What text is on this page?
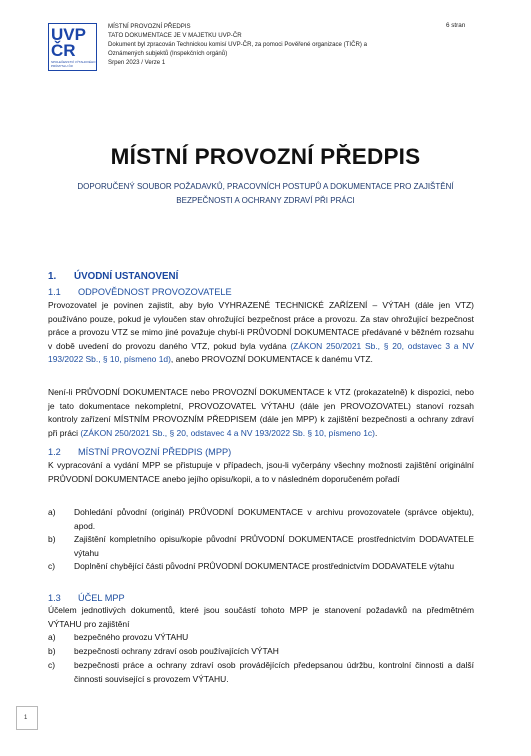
UVP
ČR
SPOLEČENSTVÍ VÝTAHOVÉHO
PRŮMYSLU ČR
MÍSTNÍ PROVOZNÍ PŘEDPIS
TATO DOKUMENTACE JE V MAJETKU UVP-ČR
Dokument byl zpracován Technickou komisí UVP-ČR, za pomoci Pověřené organizace (TIČR) a
Oznámených subjektů (Inspekčních orgánů)
Srpen 2023 / Verze 1
6 stran
MÍSTNÍ PROVOZNÍ PŘEDPIS
DOPORUČENÝ SOUBOR POŽADAVKŮ, PRACOVNÍCH POSTUPŮ A DOKUMENTACE PRO ZAJIŠTĚNÍ
BEZPEČNOSTI A OCHRANY ZDRAVÍ PŘI PRÁCI
1. ÚVODNÍ USTANOVENÍ
1.1 ODPOVĚDNOST PROVOZOVATELE
Provozovatel je povinen zajistit, aby było VYHRAZENÉ TECHNICKÉ ZAŘÍZENÍ – VÝTAH (dále jen VTZ) používáno pouze, pokud je vyloučen stav ohrožující bezpečnost práce a provozu. Za stav ohrožující bezpečnost práce a provozu VTZ se mimo jiné považuje chybí-li PRŮVODNÍ DOKUMENTACE předávané v běžném rozsahu v době uvedení do provozu daného VTZ, pokud byla vydána (ZÁKON 250/2021 Sb., § 20, odstavec 3 a NV 193/2022 Sb., § 10, písmeno 1d), anebo PROVOZNÍ DOKUMENTACE k danému VTZ.
Není-li PRŮVODNÍ DOKUMENTACE nebo PROVOZNÍ DOKUMENTACE k VTZ (prokazatelně) k dispozici, nebo je tato dokumentace nekompletní, PROVOZOVATEL VÝTAHU (dále jen PROVOZOVATEL) stanoví rozsah kontroly zařízení MÍSTNÍM PROVOZNÍM PŘEDPISEM (dále jen MPP) k zajištění bezpečnosti a ochrany zdraví při práci (ZÁKON 250/2021 Sb., § 20, odstavec 4 a NV 193/2022 Sb. § 10, písmeno 1c).
1.2 MÍSTNÍ PROVOZNÍ PŘEDPIS (MPP)
K vypracování a vydání MPP se přistupuje v případech, jsou-li vyčerpány všechny možnosti zajištění originální PRŮVODNÍ DOKUMENTACE anebo jejího opisu/kopii, a to v následném doporučeném pořadí
a) Dohledání původní (originál) PRŮVODNÍ DOKUMENTACE v archivu provozovatele (správce objektu), apod.
b) Zajištění kompletního opisu/kopie původní PRŮVODNÍ DOKUMENTACE prostřednictvím DODAVATELE výtahu
c) Doplnění chybějící části původní PRŮVODNÍ DOKUMENTACE prostřednictvím DODAVATELE výtahu
1.3 ÚČEL MPP
Účelem jednotlivých dokumentů, které jsou součástí tohoto MPP je stanovení požadavků na předmětném VÝTAHU pro zajištění
a) bezpečného provozu VÝTAHU
b) bezpečnosti ochrany zdraví osob používajících VÝTAH
c) bezpečnosti práce a ochrany zdraví osob provádějících předepsanou údržbu, kontrolní činnosti a další činnosti související s provozem VÝTAHU.
1
